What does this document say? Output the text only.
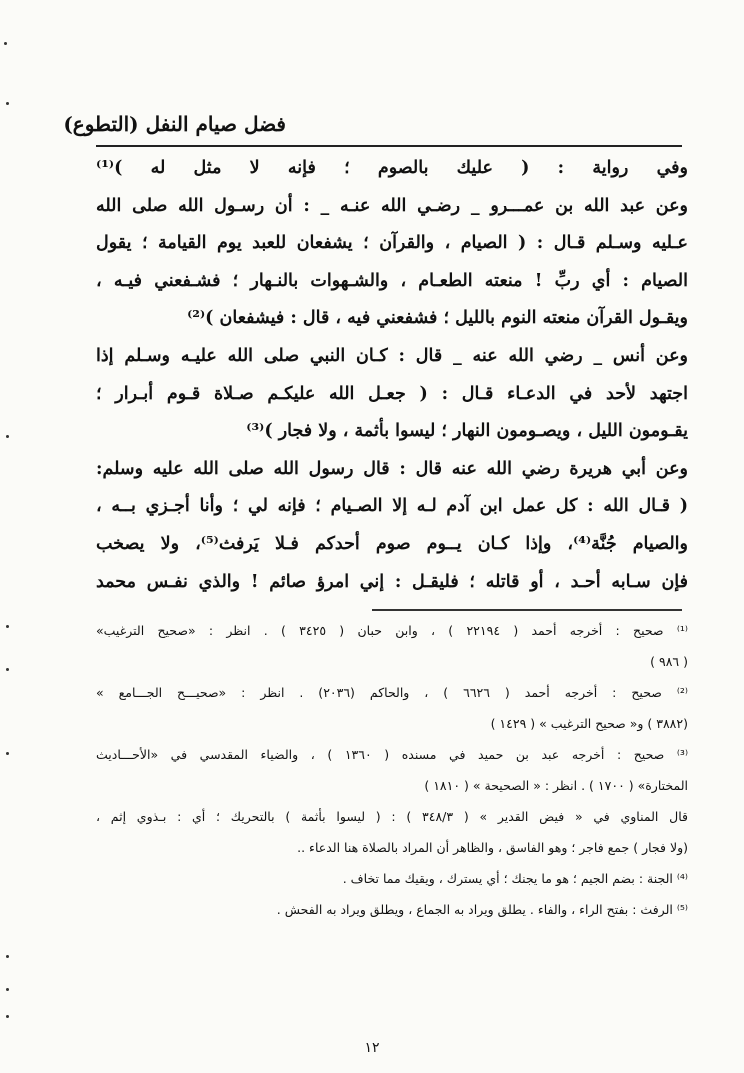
فضل صيام النفل (التطوع)
وفي رواية : ( عليك بالصوم ؛ فإنه لا مثل له )⁽¹⁾
وعن عبد الله بن عمـــرو _ رضـي الله عنـه _ : أن رسـول الله صلى الله
عـليه وسـلم قـال : ( الصيام ، والقرآن ؛ يشفعان للعبد يوم القيامة ؛ يقول
الصيام : أي ربِّ ! منعته الطعـام ، والشـهوات بالنـهار ؛ فشـفعني فيـه ،
ويقـول القرآن منعته النوم بالليل ؛ فشفعني فيه ، قال : فيشفعان )⁽²⁾
وعن أنس _ رضي الله عنه _ قال : كـان النبي صلى الله عليـه وسـلم إذا
اجتهد لأحد في الدعـاء قـال : ( جعـل الله عليكـم صـلاة قـوم أبـرار ؛
يقـومون الليل ، ويصـومون النهار ؛ ليسوا بأثمة ، ولا فجار )⁽³⁾
وعن أبي هريرة رضي الله عنه قال : قال رسول الله صلى الله عليه وسلم:
( قـال الله : كل عمل ابن آدم لـه إلا الصـيام ؛ فإنه لي ؛ وأنا أجـزي بــه ،
والصيام جُنَّة⁽⁴⁾، وإذا كـان يــوم صوم أحدكم فـلا يَرفث⁽⁵⁾، ولا يصخب
فإن سـابه أحـد ، أو قاتله ؛ فليقـل : إني امرؤ صائم ! والذي نفـس محمد
⁽¹⁾ صحيح : أخرجه أحمد ( ٢٢١٩٤ ) ، وابن حبان ( ٣٤٢٥ ) . انظر : «صحيح الترغيب»
( ٩٨٦ )
⁽²⁾ صحيح : أخرجه أحمد ( ٦٦٢٦ ) ، والحاكم (٢٠٣٦) . انظر : «صحيـــح الجـــامع »
(٣٨٨٢ ) و« صحيح الترغيب » ( ١٤٢٩ )
⁽³⁾ صحيح : أخرجه عبد بن حميد في مسنده ( ١٣٦٠ ) ، والضياء المقدسي في «الأحـــاديث
المختارة» ( ١٧٠٠ ) . انظر : « الصحيحة » ( ١٨١٠ )
قال المناوي في « فيض القدير » ( ٣٤٨/٣ ) : ( ليسوا بأثمة ) بالتحريك ؛ أي : بـذوي إثم ،
(ولا فجار ) جمع فاجر ؛ وهو الفاسق ، والظاهر أن المراد بالصلاة هنا الدعاء ..
⁽⁴⁾ الجنة : بضم الجيم ؛ هو ما يجنك ؛ أي يسترك ، ويقيك مما تخاف .
⁽⁵⁾ الرفث : بفتح الراء ، والفاء . يطلق ويراد به الجماع ، ويطلق ويراد به الفحش .
١٢
